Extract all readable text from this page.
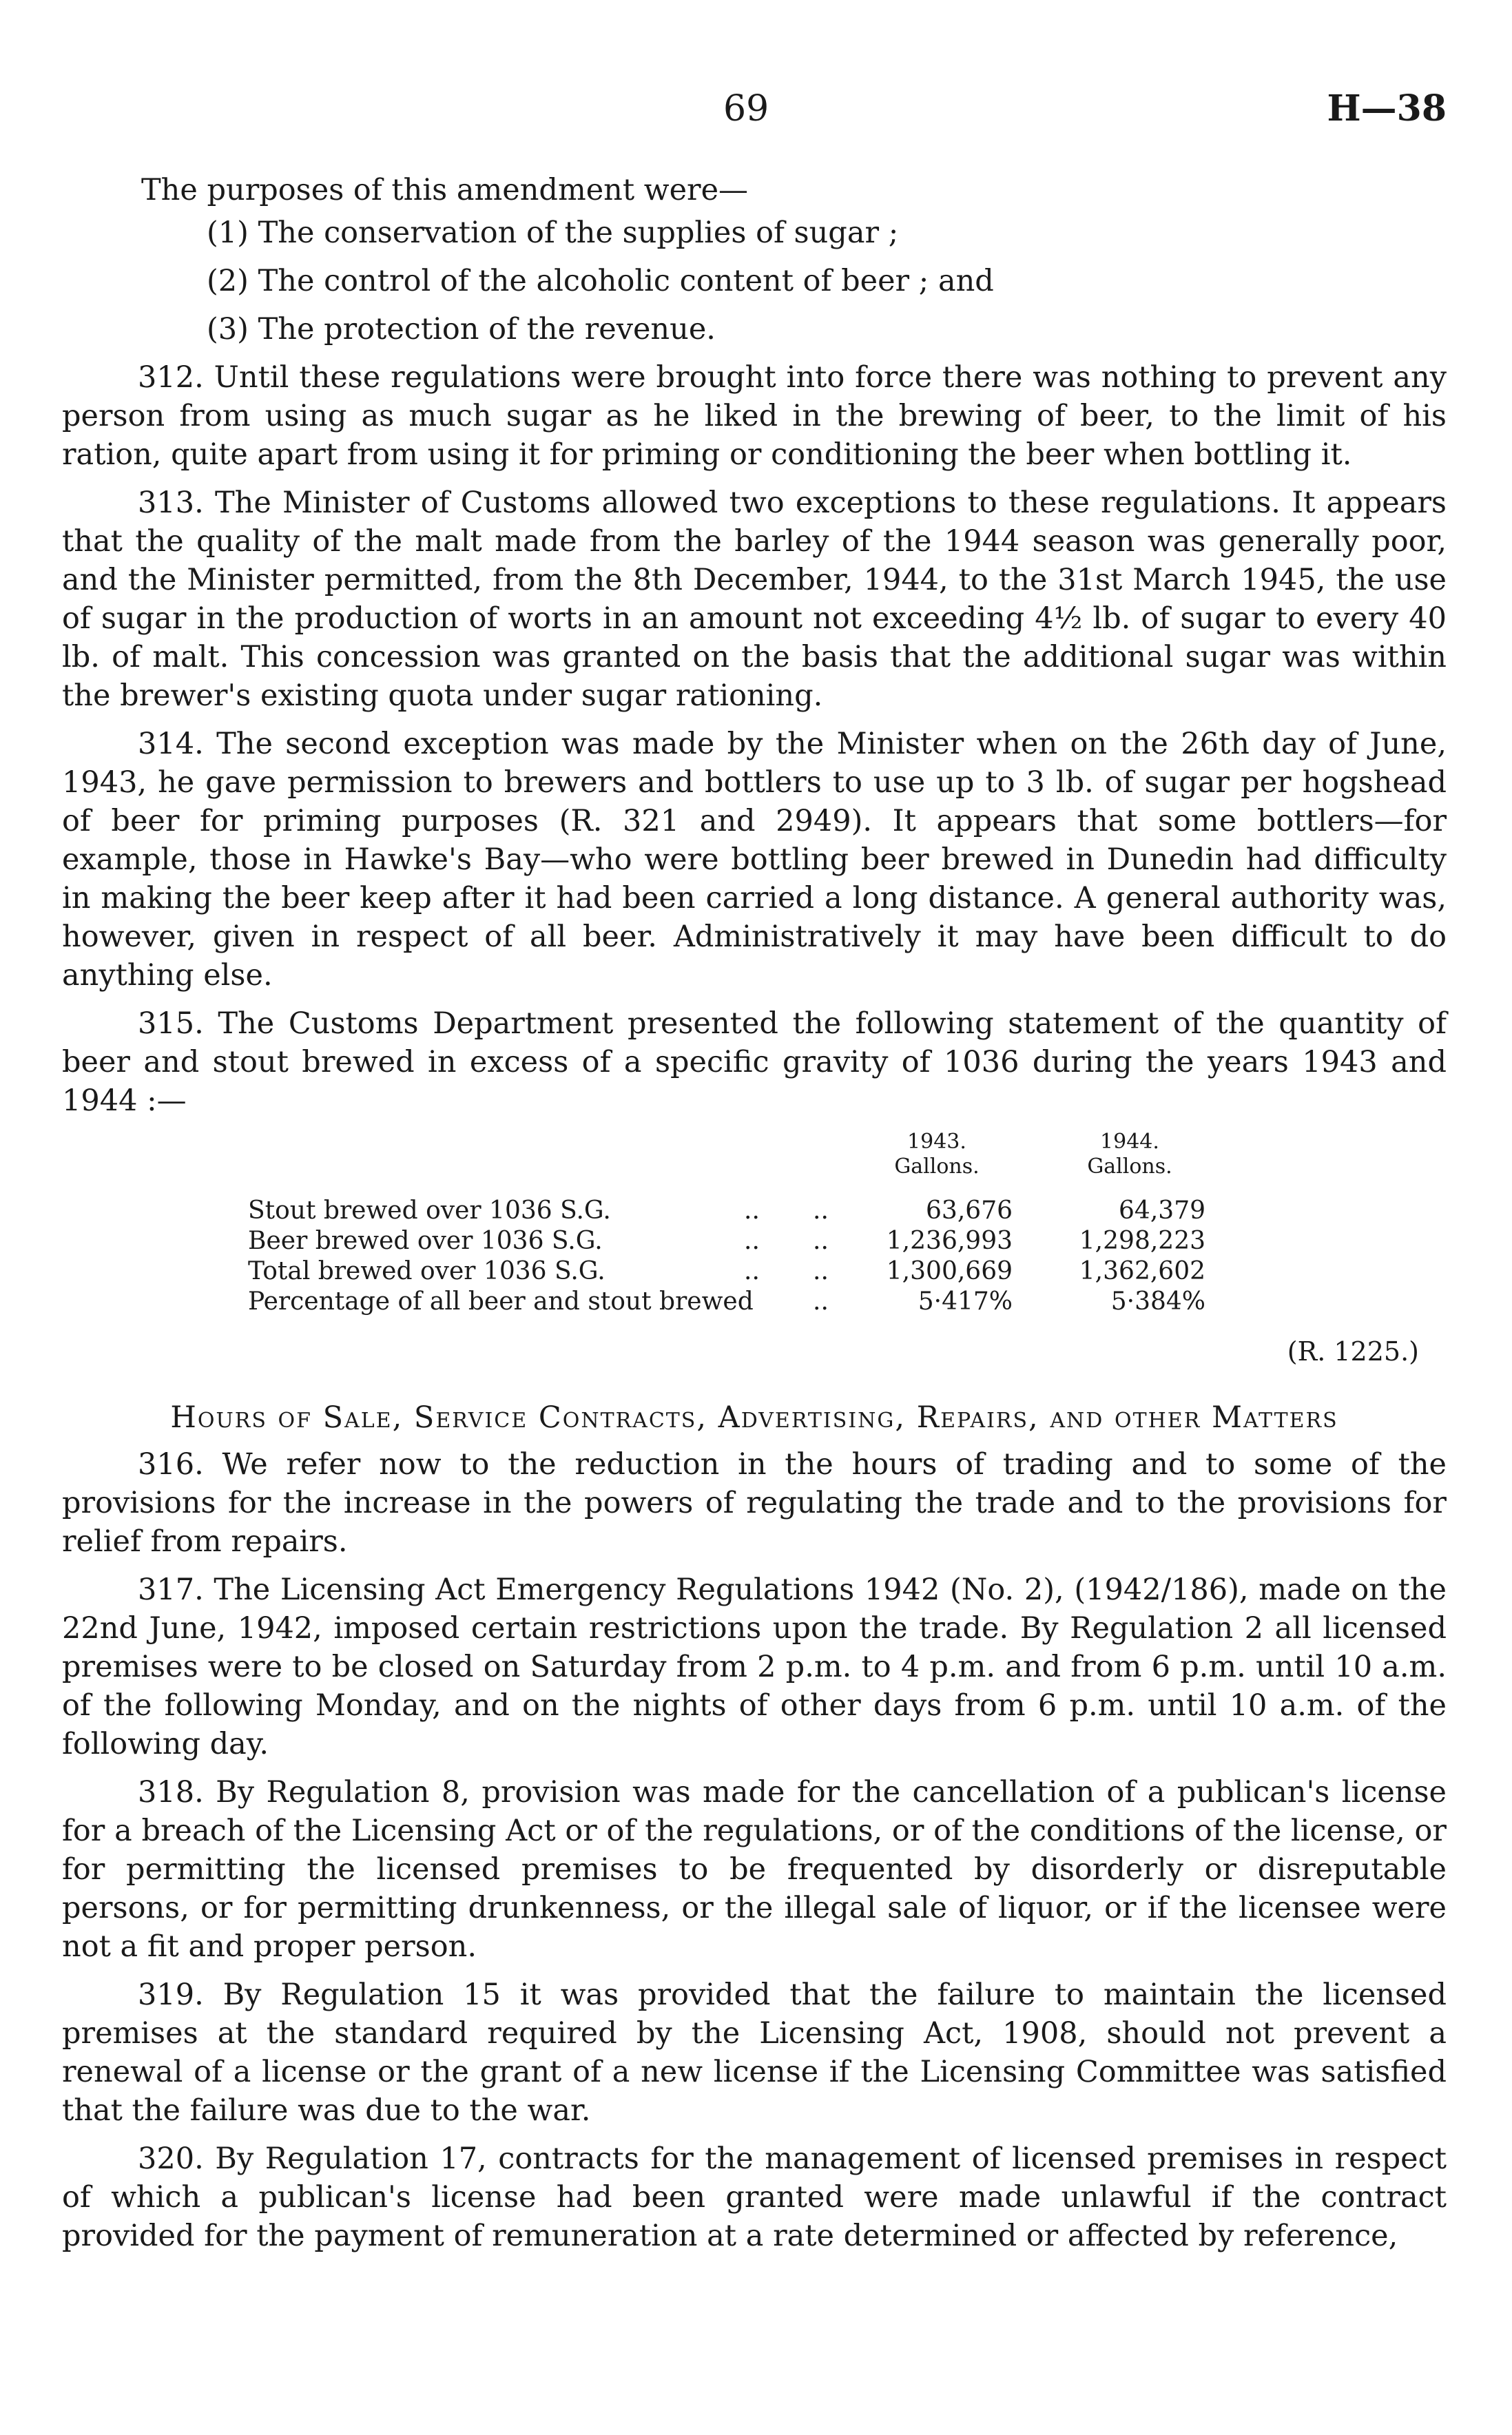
69	H—38

The purposes of this amendment were—

(1) The conservation of the supplies of sugar ;
(2) The control of the alcoholic content of beer ; and
(3) The protection of the revenue.

312. Until these regulations were brought into force there was nothing to prevent any person from using as much sugar as he liked in the brewing of beer, to the limit of his ration, quite apart from using it for priming or conditioning the beer when bottling it.

313. The Minister of Customs allowed two exceptions to these regulations. It appears that the quality of the malt made from the barley of the 1944 season was generally poor, and the Minister permitted, from the 8th December, 1944, to the 31st March 1945, the use of sugar in the production of worts in an amount not exceeding 4½ lb. of sugar to every 40 lb. of malt. This concession was granted on the basis that the additional sugar was within the brewer's existing quota under sugar rationing.

314. The second exception was made by the Minister when on the 26th day of June, 1943, he gave permission to brewers and bottlers to use up to 3 lb. of sugar per hogshead of beer for priming purposes (R. 321 and 2949). It appears that some bottlers—for example, those in Hawke's Bay—who were bottling beer brewed in Dunedin had difficulty in making the beer keep after it had been carried a long distance. A general authority was, however, given in respect of all beer. Administratively it may have been difficult to do anything else.

315. The Customs Department presented the following statement of the quantity of beer and stout brewed in excess of a specific gravity of 1036 during the years 1943 and 1944 :—

1943.
Gallons.
1944.
Gallons.
Stout brewed over 1036 S.G.	.. ..	63,676	64,379
Beer brewed over 1036 S.G.	.. ..	1,236,993	1,298,223
Total brewed over 1036 S.G.	.. ..	1,300,669	1,362,602
Percentage of all beer and stout brewed ..	5·417%	5·384%
(R. 1225.)
Hours of Sale, Service Contracts, Advertising, Repairs, and other Matters

316. We refer now to the reduction in the hours of trading and to some of the provisions for the increase in the powers of regulating the trade and to the provisions for relief from repairs.

317. The Licensing Act Emergency Regulations 1942 (No. 2), (1942/186), made on the 22nd June, 1942, imposed certain restrictions upon the trade. By Regulation 2 all licensed premises were to be closed on Saturday from 2 p.m. to 4 p.m. and from 6 p.m. until 10 a.m. of the following Monday, and on the nights of other days from 6 p.m. until 10 a.m. of the following day.

318. By Regulation 8, provision was made for the cancellation of a publican's license for a breach of the Licensing Act or of the regulations, or of the conditions of the license, or for permitting the licensed premises to be frequented by disorderly or disreputable persons, or for permitting drunkenness, or the illegal sale of liquor, or if the licensee were not a fit and proper person.

319. By Regulation 15 it was provided that the failure to maintain the licensed premises at the standard required by the Licensing Act, 1908, should not prevent a renewal of a license or the grant of a new license if the Licensing Committee was satisfied that the failure was due to the war.

320. By Regulation 17, contracts for the management of licensed premises in respect of which a publican's license had been granted were made unlawful if the contract provided for the payment of remuneration at a rate determined or affected by reference,
